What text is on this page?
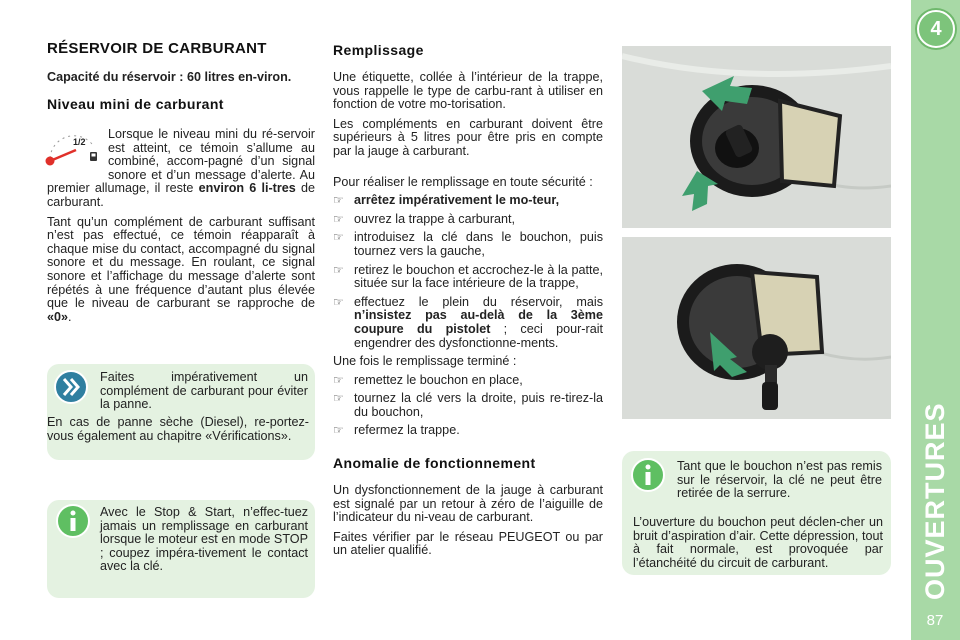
4
OUVERTURES
87
RÉSERVOIR DE CARBURANT

Capacité du réservoir : 60 litres en-viron.

Niveau mini de carburant
1/2

Lorsque le niveau mini du ré-servoir est atteint, ce témoin s’allume au combiné, accom-pagné d’un signal sonore et d’un message d’alerte. Au premier allumage, il reste environ 6 li-tres de carburant.

Tant qu’un complément de carburant suffisant n’est pas effectué, ce témoin réapparaît à chaque mise du contact, accompagné du signal sonore et du message. En roulant, ce signal sonore et l’affichage du message d’alerte sont répétés à une fréquence d’autant plus élevée que le niveau de carburant se rapproche de «0».

Faites impérativement un complément de carburant pour éviter la panne.

En cas de panne sèche (Diesel), re-portez-vous également au chapitre «Vérifications».

Avec le Stop & Start, n’effec-tuez jamais un remplissage en carburant lorsque le moteur est en mode STOP ; coupez impéra-tivement le contact avec la clé.

Remplissage

Une étiquette, collée à l’intérieur de la trappe, vous rappelle le type de carbu-rant à utiliser en fonction de votre mo-torisation.

Les compléments en carburant doivent être supérieurs à 5 litres pour être pris en compte par la jauge à carburant.

Pour réaliser le remplissage en toute sécurité :

☞ arrêtez impérativement le mo-teur,
☞ ouvrez la trappe à carburant,
☞ introduisez la clé dans le bouchon, puis tournez vers la gauche,
☞ retirez le bouchon et accrochez-le à la patte, située sur la face intérieure de la trappe,
☞ effectuez le plein du réservoir, mais n’insistez pas au-delà de la 3ème coupure du pistolet ; ceci pour-rait engendrer des dysfonctionne-ments.

Une fois le remplissage terminé :

☞ remettez le bouchon en place,
☞ tournez la clé vers la droite, puis re-tirez-la du bouchon,
☞ refermez la trappe.
Anomalie de fonctionnement

Un dysfonctionnement de la jauge à carburant est signalé par un retour à zéro de l’aiguille de l’indicateur du ni-veau de carburant.

Faites vérifier par le réseau PEUGEOT ou par un atelier qualifié.

Tant que le bouchon n’est pas remis sur le réservoir, la clé ne peut être retirée de la serrure.

L’ouverture du bouchon peut déclen-cher un bruit d’aspiration d’air. Cette dépression, tout à fait normale, est provoquée par l’étanchéité du circuit de carburant.
